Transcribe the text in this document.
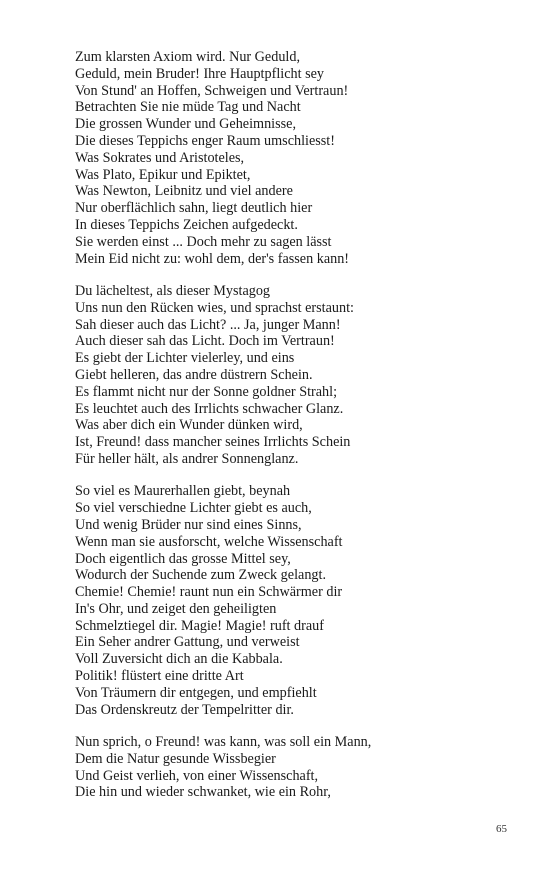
Zum klarsten Axiom wird. Nur Geduld,
Geduld, mein Bruder! Ihre Hauptpflicht sey
Von Stund' an Hoffen, Schweigen und Vertraun!
Betrachten Sie nie müde Tag und Nacht
Die grossen Wunder und Geheimnisse,
Die dieses Teppichs enger Raum umschliesst!
Was Sokrates und Aristoteles,
Was Plato, Epikur und Epiktet,
Was Newton, Leibnitz und viel andere
Nur oberflächlich sahn, liegt deutlich hier
In dieses Teppichs Zeichen aufgedeckt.
Sie werden einst ... Doch mehr zu sagen lässt
Mein Eid nicht zu: wohl dem, der's fassen kann!
Du lächeltest, als dieser Mystagog
Uns nun den Rücken wies, und sprachst erstaunt:
Sah dieser auch das Licht? ... Ja, junger Mann!
Auch dieser sah das Licht. Doch im Vertraun!
Es giebt der Lichter vielerley, und eins
Giebt helleren, das andre düstrern Schein.
Es flammt nicht nur der Sonne goldner Strahl;
Es leuchtet auch des Irrlichts schwacher Glanz.
Was aber dich ein Wunder dünken wird,
Ist, Freund! dass mancher seines Irrlichts Schein
Für heller hält, als andrer Sonnenglanz.
So viel es Maurerhallen giebt, beynah
So viel verschiedne Lichter giebt es auch,
Und wenig Brüder nur sind eines Sinns,
Wenn man sie ausforscht, welche Wissenschaft
Doch eigentlich das grosse Mittel sey,
Wodurch der Suchende zum Zweck gelangt.
Chemie! Chemie! raunt nun ein Schwärmer dir
In's Ohr, und zeiget den geheiligten
Schmelztiegel dir. Magie! Magie! ruft drauf
Ein Seher andrer Gattung, und verweist
Voll Zuversicht dich an die Kabbala.
Politik! flüstert eine dritte Art
Von Träumern dir entgegen, und empfiehlt
Das Ordenskreutz der Tempelritter dir.
Nun sprich, o Freund! was kann, was soll ein Mann,
Dem die Natur gesunde Wissbegier
Und Geist verlieh, von einer Wissenschaft,
Die hin und wieder schwanket, wie ein Rohr,
65
